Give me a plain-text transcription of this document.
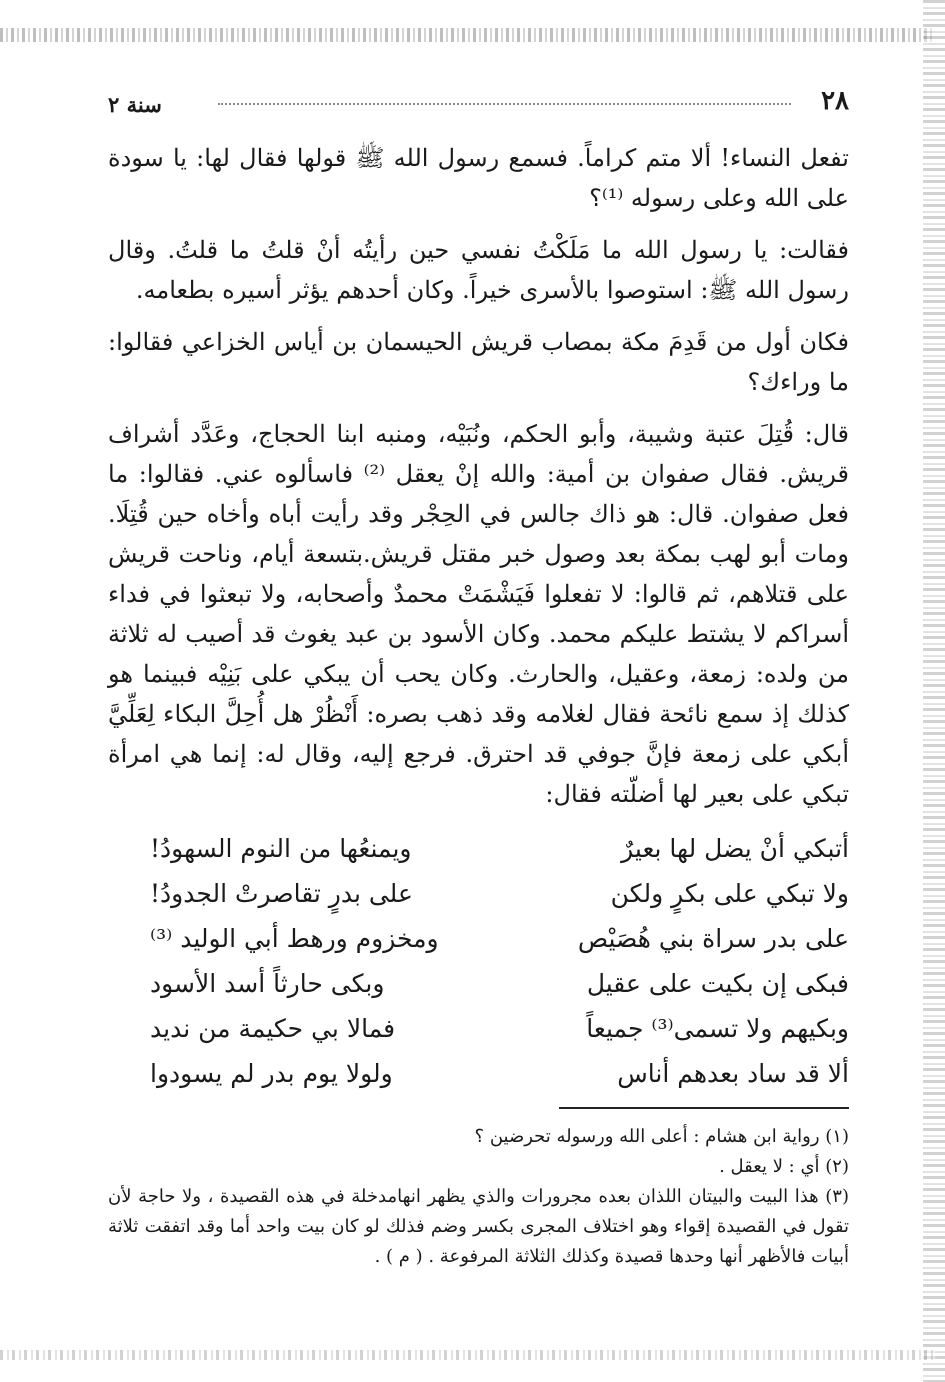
٢٨
سنة ٢

تفعل النساء! ألا متم كراماً. فسمع رسول الله ﷺ قولها فقال لها: يا سودة على الله وعلى رسوله ⁽¹⁾؟

فقالت: يا رسول الله ما مَلَكْتُ نفسي حين رأيتُه أنْ قلتُ ما قلتُ. وقال رسول الله ﷺ: استوصوا بالأسرى خيراً. وكان أحدهم يؤثر أسيره بطعامه.

فكان أول من قَدِمَ مكة بمصاب قريش الحيسمان بن أياس الخزاعي فقالوا: ما وراءك؟

قال: قُتِلَ عتبة وشيبة، وأبو الحكم، ونُبَيْه، ومنبه ابنا الحجاج، وعَدَّد أشراف قريش. فقال صفوان بن أمية: والله إنْ يعقل ⁽²⁾ فاسألوه عني. فقالوا: ما فعل صفوان. قال: هو ذاك جالس في الحِجْر وقد رأيت أباه وأخاه حين قُتِلَا. ومات أبو لهب بمكة بعد وصول خبر مقتل قريش.بتسعة أيام، وناحت قريش على قتلاهم، ثم قالوا: لا تفعلوا فَيَشْمَتْ محمدٌ وأصحابه، ولا تبعثوا في فداء أسراكم لا يشتط عليكم محمد. وكان الأسود بن عبد يغوث قد أصيب له ثلاثة من ولده: زمعة، وعقيل، والحارث. وكان يحب أن يبكي على بَنِيْه فبينما هو كذلك إذ سمع نائحة فقال لغلامه وقد ذهب بصره: أَنْظُرْ هل أُحِلَّ البكاء لِعَلِّيَّ أبكي على زمعة فإنَّ جوفي قد احترق. فرجع إليه، وقال له: إنما هي امرأة تبكي على بعير لها أضلّته فقال:

أتبكي أنْ يضل لها بعيرٌ
ويمنعُها من النوم السهودُ!
ولا تبكي على بكرٍ ولكن
على بدرٍ تقاصرتْ الجدودُ!
على بدر سراة بني هُصَيْص
ومخزوم ورهط أبي الوليد ⁽³⁾
فبكى إن بكيت على عقيل
وبكى حارثاً أسد الأسود
وبكيهم ولا تسمى⁽³⁾ جميعاً
فمالا بي حكيمة من نديد
ألا قد ساد بعدهم أناس
ولولا يوم بدر لم يسودوا

(١) رواية ابن هشام : أعلى الله ورسوله تحرضين ؟

(٢) أي : لا يعقل .

(٣) هذا البيت والبيتان اللذان بعده مجرورات والذي يظهر انهامدخلة في هذه القصيدة ، ولا حاجة لأن تقول في القصيدة إقواء وهو اختلاف المجرى بكسر وضم فذلك لو كان بيت واحد أما وقد اتفقت ثلاثة أبيات فالأظهر أنها وحدها قصيدة وكذلك الثلاثة المرفوعة . ( م ) .
